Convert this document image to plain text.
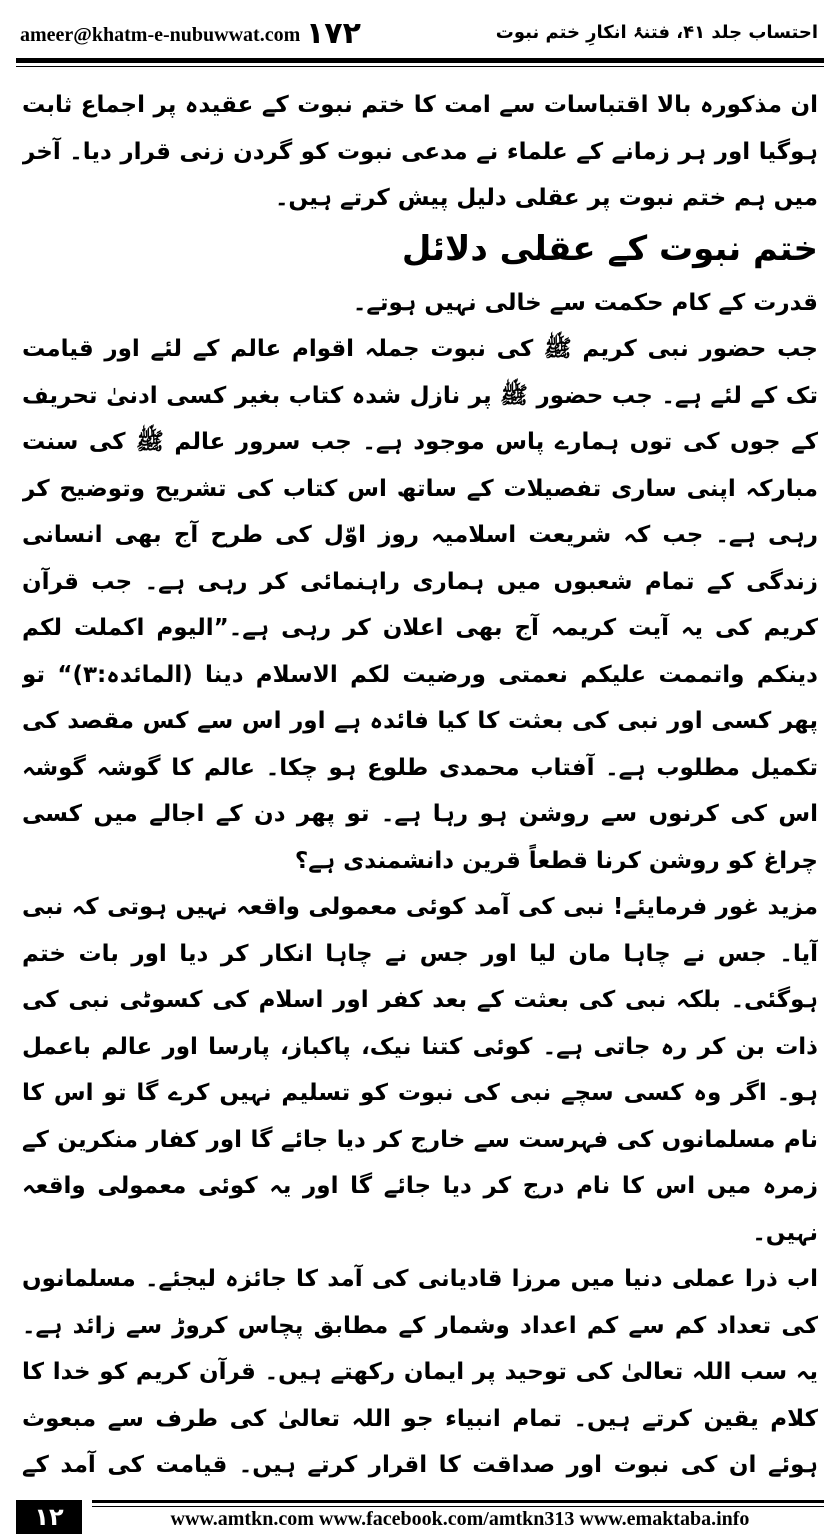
ameer@khatm-e-nubuwwat.com ۱۷۲	احتساب جلد ۴۱، فتنۂ انکارِ ختم نبوت

ان مذکورہ بالا اقتباسات سے امت کا ختم نبوت کے عقیدہ پر اجماع ثابت ہوگیا اور ہر زمانے کے علماء نے مدعی نبوت کو گردن زنی قرار دیا۔ آخر میں ہم ختم نبوت پر عقلی دلیل پیش کرتے ہیں۔

ختم نبوت کے عقلی دلائل

قدرت کے کام حکمت سے خالی نہیں ہوتے۔

جب حضور نبی کریم ﷺ کی نبوت جملہ اقوام عالم کے لئے اور قیامت تک کے لئے ہے۔ جب حضور ﷺ پر نازل شدہ کتاب بغیر کسی ادنیٰ تحریف کے جوں کی توں ہمارے پاس موجود ہے۔ جب سرور عالم ﷺ کی سنت مبارکہ اپنی ساری تفصیلات کے ساتھ اس کتاب کی تشریح وتوضیح کر رہی ہے۔ جب کہ شریعت اسلامیہ روز اوّل کی طرح آج بھی انسانی زندگی کے تمام شعبوں میں ہماری راہنمائی کر رہی ہے۔ جب قرآن کریم کی یہ آیت کریمہ آج بھی اعلان کر رہی ہے۔”الیوم اکملت لکم دینکم واتممت علیکم نعمتی ورضیت لکم الاسلام دینا (المائدہ:۳)“ تو پھر کسی اور نبی کی بعثت کا کیا فائدہ ہے اور اس سے کس مقصد کی تکمیل مطلوب ہے۔ آفتاب محمدی طلوع ہو چکا۔ عالم کا گوشہ گوشہ اس کی کرنوں سے روشن ہو رہا ہے۔ تو پھر دن کے اجالے میں کسی چراغ کو روشن کرنا قطعاً قرین دانشمندی ہے؟

مزید غور فرمایئے! نبی کی آمد کوئی معمولی واقعہ نہیں ہوتی کہ نبی آیا۔ جس نے چاہا مان لیا اور جس نے چاہا انکار کر دیا اور بات ختم ہوگئی۔ بلکہ نبی کی بعثت کے بعد کفر اور اسلام کی کسوٹی نبی کی ذات بن کر رہ جاتی ہے۔ کوئی کتنا نیک، پاکباز، پارسا اور عالم باعمل ہو۔ اگر وہ کسی سچے نبی کی نبوت کو تسلیم نہیں کرے گا تو اس کا نام مسلمانوں کی فہرست سے خارج کر دیا جائے گا اور کفار منکرین کے زمرہ میں اس کا نام درج کر دیا جائے گا اور یہ کوئی معمولی واقعہ نہیں۔

اب ذرا عملی دنیا میں مرزا قادیانی کی آمد کا جائزہ لیجئے۔ مسلمانوں کی تعداد کم سے کم اعداد وشمار کے مطابق پچاس کروڑ سے زائد ہے۔ یہ سب اللہ تعالیٰ کی توحید پر ایمان رکھتے ہیں۔ قرآن کریم کو خدا کا کلام یقین کرتے ہیں۔ تمام انبیاء جو اللہ تعالیٰ کی طرف سے مبعوث ہوئے ان کی نبوت اور صداقت کا اقرار کرتے ہیں۔ قیامت کی آمد کے

۱۲	www.amtkn.com www.facebook.com/amtkn313 www.emaktaba.info
